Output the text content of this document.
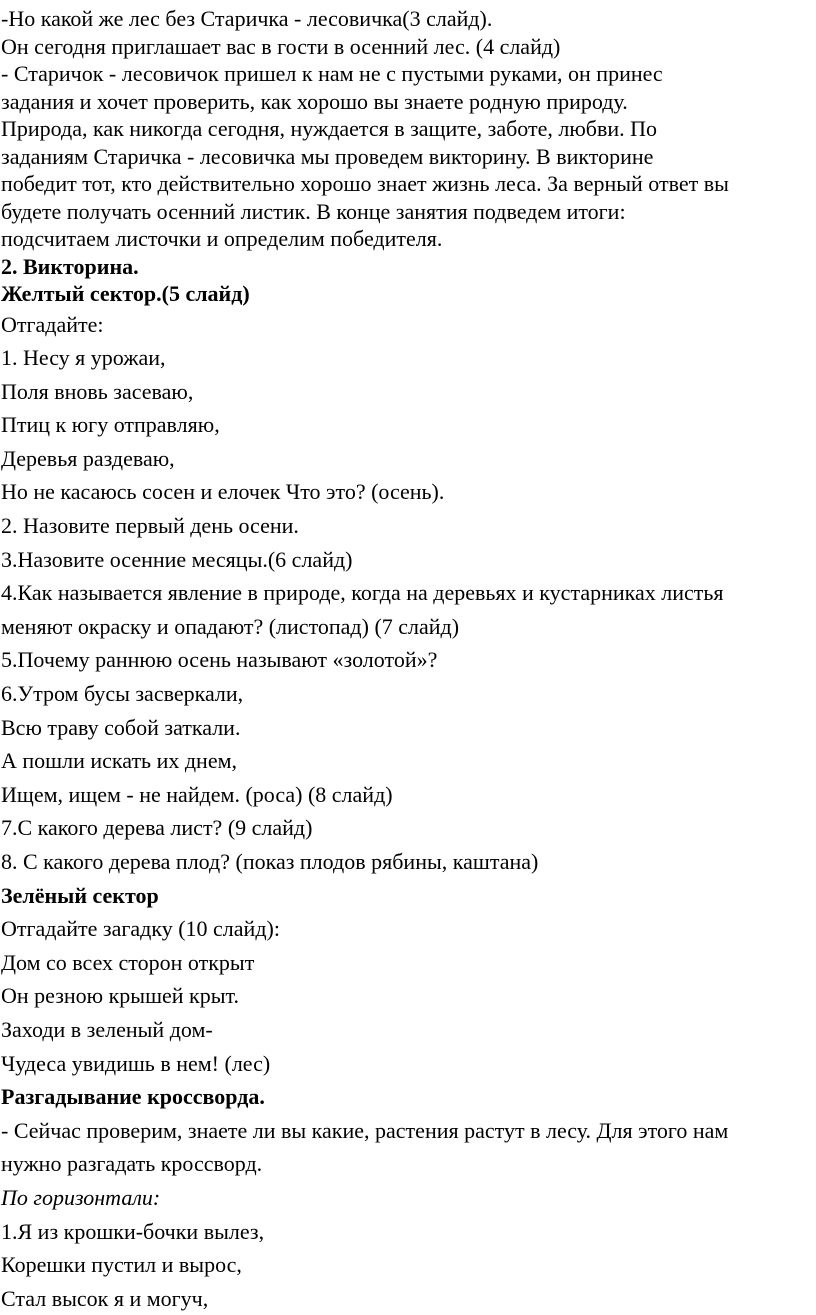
-Но какой же лес без Старичка - лесовичка(3 слайд).
Он сегодня приглашает вас в гости в осенний лес. (4 слайд)
- Старичок - лесовичок пришел к нам не с пустыми руками, он принес
задания и хочет проверить, как хорошо вы знаете родную природу.
Природа, как никогда сегодня, нуждается в защите, заботе, любви. По
заданиям Старичка - лесовичка мы проведем викторину. В викторине
победит тот, кто действительно хорошо знает жизнь леса. За верный ответ вы
будете получать осенний листик. В конце занятия подведем итоги:
подсчитаем листочки и определим победителя.
2. Викторина.
Желтый сектор.(5 слайд)
Отгадайте:
1. Несу я урожаи,
Поля вновь засеваю,
Птиц к югу отправляю,
Деревья раздеваю,
Но не касаюсь сосен и елочек Что это? (осень).
2. Назовите первый день осени.
3.Назовите осенние месяцы.(6 слайд)
4.Как называется явление в природе, когда на деревьях и кустарниках листья
меняют окраску и опадают? (листопад) (7 слайд)
5.Почему раннюю осень называют «золотой»?
6.Утром бусы засверкали,
Всю траву собой заткали.
А пошли искать их днем,
Ищем, ищем - не найдем. (роса) (8 слайд)
7.С какого дерева лист? (9 слайд)
8. С какого дерева плод? (показ плодов рябины, каштана)
Зелёный сектор
Отгадайте загадку (10 слайд):
Дом со всех сторон открыт
Он резною крышей крыт.
Заходи в зеленый дом-
Чудеса увидишь в нем! (лес)
Разгадывание кроссворда.
- Сейчас проверим, знаете ли вы какие, растения растут в лесу. Для этого нам
нужно разгадать кроссворд.
По горизонтали:
1.Я из крошки-бочки вылез,
Корешки пустил и вырос,
Стал высок я и могуч,
